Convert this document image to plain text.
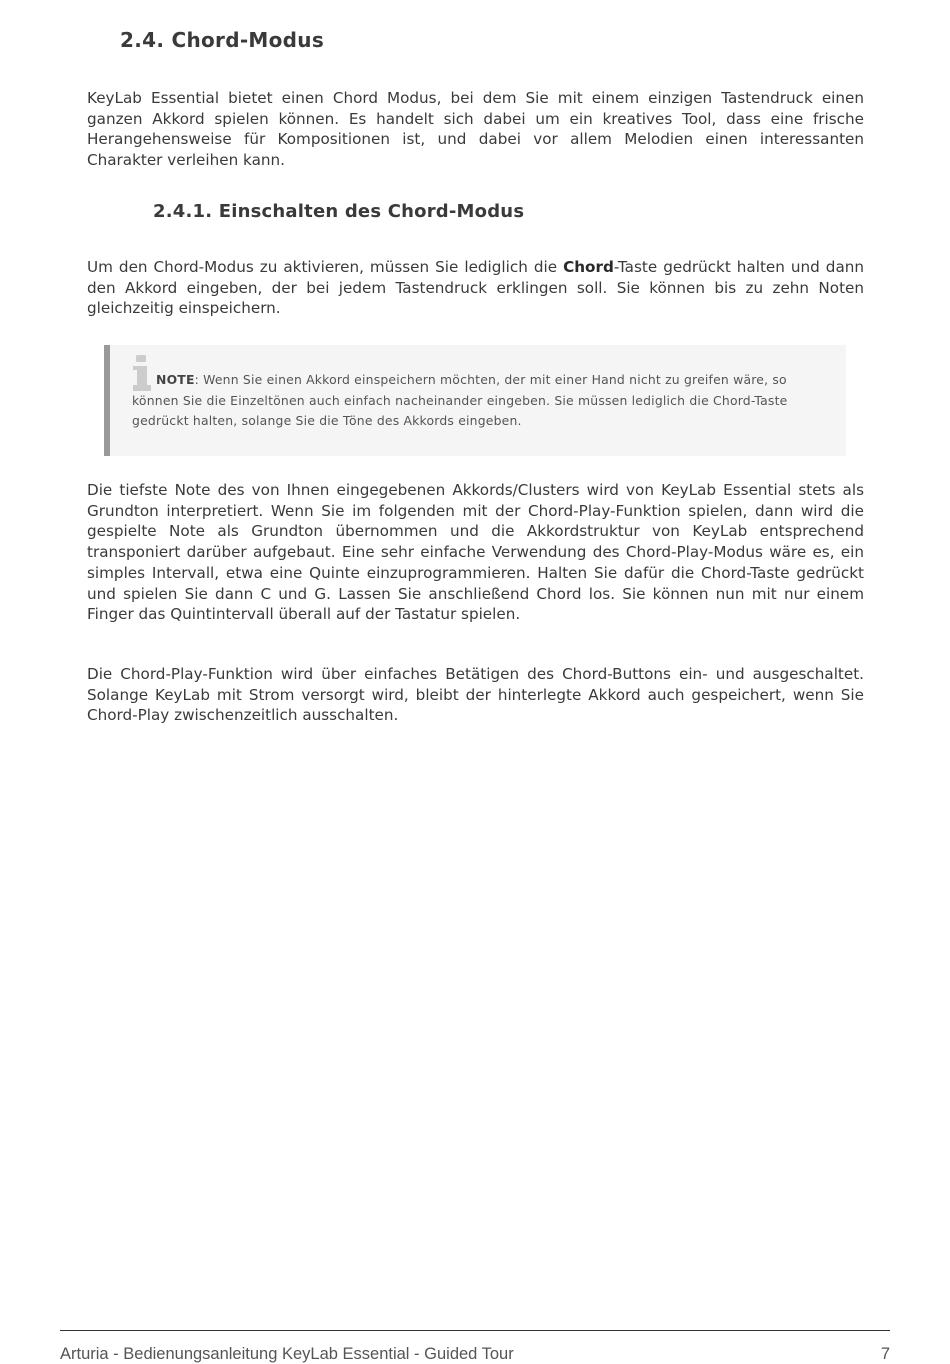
2.4. Chord-Modus

KeyLab Essential bietet einen Chord Modus, bei dem Sie mit einem einzigen Tastendruck einen ganzen Akkord spielen können. Es handelt sich dabei um ein kreatives Tool, dass eine frische Herangehensweise für Kompositionen ist, und dabei vor allem Melodien einen interessanten Charakter verleihen kann.

2.4.1. Einschalten des Chord-Modus

Um den Chord-Modus zu aktivieren, müssen Sie lediglich die Chord-Taste gedrückt halten und dann den Akkord eingeben, der bei jedem Tastendruck erklingen soll. Sie können bis zu zehn Noten gleichzeitig einspeichern.

NOTE: Wenn Sie einen Akkord einspeichern möchten, der mit einer Hand nicht zu greifen wäre, so können Sie die Einzeltönen auch einfach nacheinander eingeben. Sie müssen lediglich die Chord-Taste gedrückt halten, solange Sie die Töne des Akkords eingeben.

Die tiefste Note des von Ihnen eingegebenen Akkords/Clusters wird von KeyLab Essential stets als Grundton interpretiert. Wenn Sie im folgenden mit der Chord-Play-Funktion spielen, dann wird die gespielte Note als Grundton übernommen und die Akkordstruktur von KeyLab entsprechend transponiert darüber aufgebaut. Eine sehr einfache Verwendung des Chord-Play-Modus wäre es, ein simples Intervall, etwa eine Quinte einzuprogrammieren. Halten Sie dafür die Chord-Taste gedrückt und spielen Sie dann C und G. Lassen Sie anschließend Chord los. Sie können nun mit nur einem Finger das Quintintervall überall auf der Tastatur spielen.

Die Chord-Play-Funktion wird über einfaches Betätigen des Chord-Buttons ein- und ausgeschaltet. Solange KeyLab mit Strom versorgt wird, bleibt der hinterlegte Akkord auch gespeichert, wenn Sie Chord-Play zwischenzeitlich ausschalten.

Arturia - Bedienungsanleitung KeyLab Essential - Guided Tour	7
